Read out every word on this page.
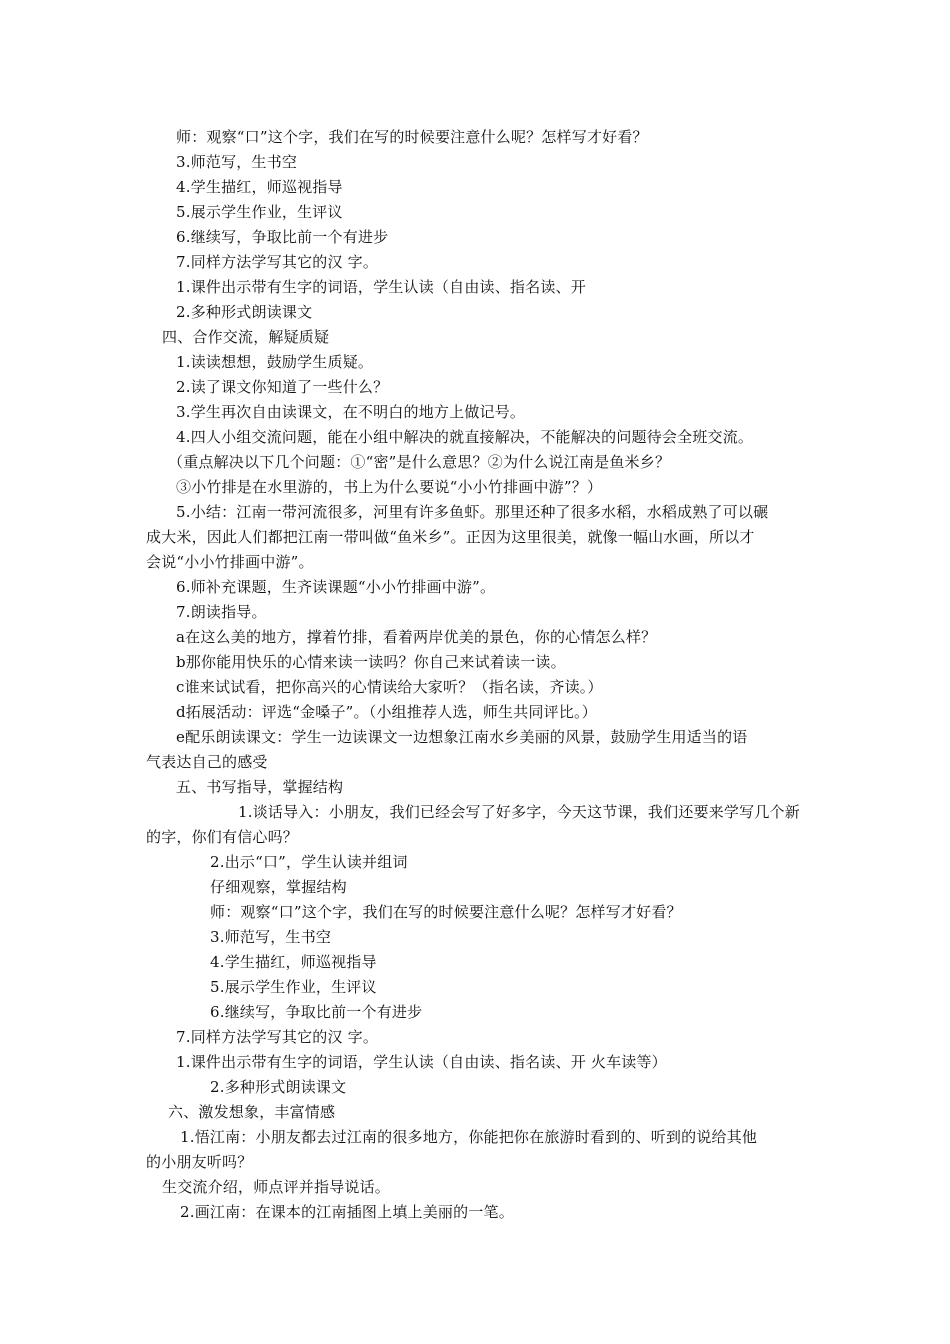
师：观察“口”这个字，我们在写的时候要注意什么呢？怎样写才好看？
3.师范写，生书空
4.学生描红，师巡视指导
5.展示学生作业，生评议
6.继续写，争取比前一个有进步
7.同样方法学写其它的汉 字。
1.课件出示带有生字的词语，学生认读（自由读、指名读、开
2.多种形式朗读课文
四、合作交流，解疑质疑
1.读读想想，鼓励学生质疑。
2.读了课文你知道了一些什么？
3.学生再次自由读课文，在不明白的地方上做记号。
4.四人小组交流问题，能在小组中解决的就直接解决，不能解决的问题待会全班交流。
（重点解决以下几个问题：①“密”是什么意思？②为什么说江南是鱼米乡？
③小竹排是在水里游的，书上为什么要说“小小竹排画中游”？）
5.小结：江南一带河流很多，河里有许多鱼虾。那里还种了很多水稻，水稻成熟了可以碾
成大米，因此人们都把江南一带叫做“鱼米乡”。正因为这里很美，就像一幅山水画，所以才
会说“小小竹排画中游”。
6.师补充课题，生齐读课题“小小竹排画中游”。
7.朗读指导。
a在这么美的地方，撑着竹排，看着两岸优美的景色，你的心情怎么样？
b那你能用快乐的心情来读一读吗？你自己来试着读一读。
c谁来试试看，把你高兴的心情读给大家听？（指名读，齐读。）
d拓展活动：评选“金嗓子”。（小组推荐人选，师生共同评比。）
e配乐朗读课文：学生一边读课文一边想象江南水乡美丽的风景，鼓励学生用适当的语
气表达自己的感受
五、书写指导，掌握结构
1.谈话导入：小朋友，我们已经会写了好多字，今天这节课，我们还要来学写几个新
的字，你们有信心吗？
2.出示“口”，学生认读并组词
仔细观察，掌握结构
师：观察“口”这个字，我们在写的时候要注意什么呢？怎样写才好看？
3.师范写，生书空
4.学生描红，师巡视指导
5.展示学生作业，生评议
6.继续写，争取比前一个有进步
7.同样方法学写其它的汉 字。
1.课件出示带有生字的词语，学生认读（自由读、指名读、开 火车读等）
2.多种形式朗读课文
六、激发想象，丰富情感
1.悟江南：小朋友都去过江南的很多地方，你能把你在旅游时看到的、听到的说给其他
的小朋友听吗？
生交流介绍，师点评并指导说话。
2.画江南：在课本的江南插图上填上美丽的一笔。
